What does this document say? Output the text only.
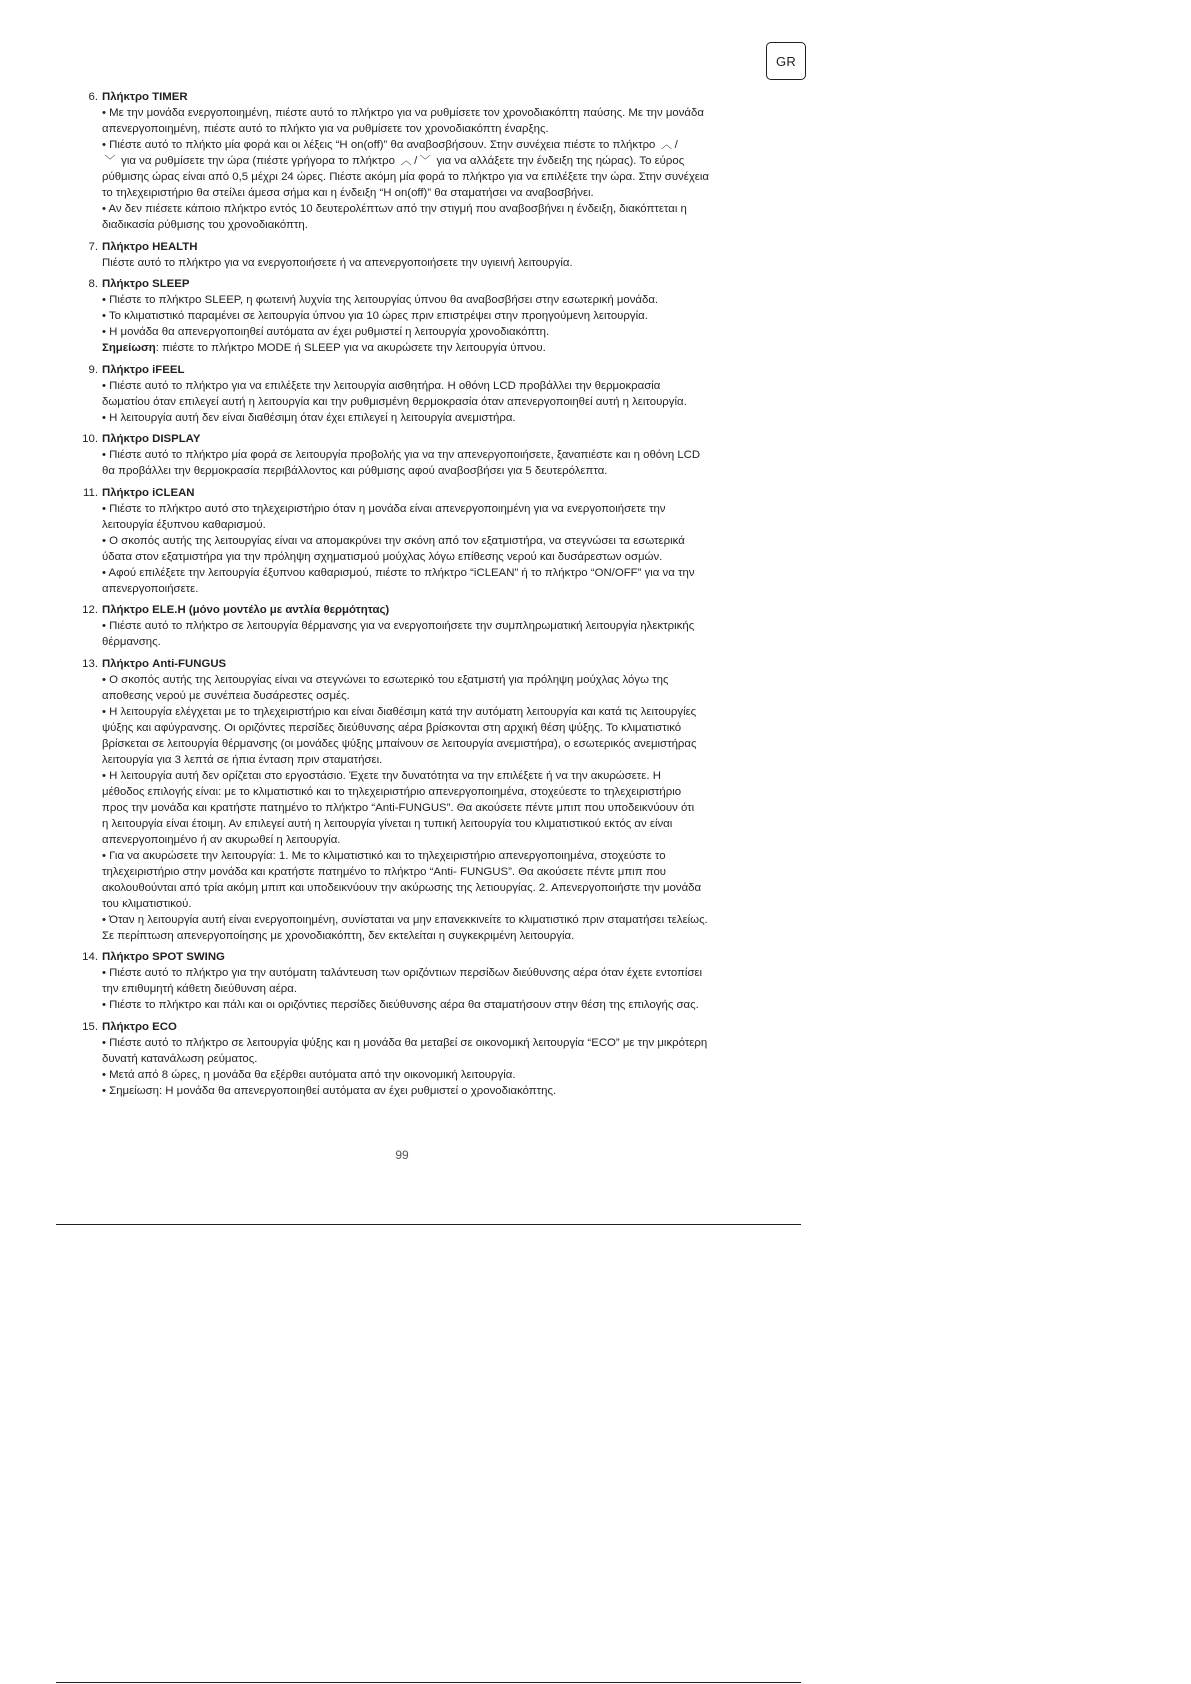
GR
6. Πλήκτρο TIMER
• Με την μονάδα ενεργοποιημένη, πιέστε αυτό το πλήκτρο για να ρυθμίσετε τον χρονοδιακόπτη παύσης. Με την μονάδα
απενεργοποιημένη, πιέστε αυτό το πλήκτο για να ρυθμίσετε τον χρονοδιακόπτη έναρξης.
• Πιέστε αυτό το πλήκτο μία φορά και οι λέξεις “H on(off)” θα αναβοσβήσουν. Στην συνέχεια πιέστε το πλήκτρο ︿ /
﹀ για να ρυθμίσετε την ώρα (πιέστε γρήγορα το πλήκτρο ︿ / ﹀ για να αλλάξετε την ένδειξη της ηώρας). Το εύρος
ρύθμισης ώρας είναι από 0,5 μέχρι 24 ώρες. Πιέστε ακόμη μία φορά το πλήκτρο για να επιλέξετε την ώρα. Στην συνέχεια
το τηλεχειριστήριο θα στείλει άμεσα σήμα και η ένδειξη “H on(off)” θα σταματήσει να αναβοσβήνει.
• Αν δεν πιέσετε κάποιο πλήκτρο εντός 10 δευτερολέπτων από την στιγμή που αναβοσβήνει η ένδειξη, διακόπτεται η
διαδικασία ρύθμισης του χρονοδιακόπτη.
7. Πλήκτρο HEALTH
Πιέστε αυτό το πλήκτρο για να ενεργοποιήσετε ή να απενεργοποιήσετε την υγιεινή λειτουργία.
8. Πλήκτρο SLEEP
• Πιέστε το πλήκτρο SLEEP, η φωτεινή λυχνία της λειτουργίας ύπνου θα αναβοσβήσει στην εσωτερική μονάδα.
• Το κλιματιστικό παραμένει σε λειτουργία ύπνου για 10 ώρες πριν επιστρέψει στην προηγούμενη λειτουργία.
• Η μονάδα θα απενεργοποιηθεί αυτόματα αν έχει ρυθμιστεί η λειτουργία χρονοδιακόπτη.
Σημείωση: πιέστε το πλήκτρο MODE ή SLEEP για να ακυρώσετε την λειτουργία ύπνου.
9. Πλήκτρο iFEEL
• Πιέστε αυτό το πλήκτρο για να επιλέξετε την λειτουργία αισθητήρα. Η οθόνη LCD προβάλλει την θερμοκρασία
δωματίου όταν επιλεγεί αυτή η λειτουργία και την ρυθμισμένη θερμοκρασία όταν απενεργοποιηθεί αυτή η λειτουργία.
• Η λειτουργία αυτή δεν είναι διαθέσιμη όταν έχει επιλεγεί η λειτουργία ανεμιστήρα.
10. Πλήκτρο DISPLAY
• Πιέστε αυτό το πλήκτρο μία φορά σε λειτουργία προβολής για να την απενεργοποιήσετε, ξαναπιέστε και η οθόνη LCD
θα προβάλλει την θερμοκρασία περιβάλλοντος και ρύθμισης αφού αναβοσβήσει για 5 δευτερόλεπτα.
11. Πλήκτρο iCLEAN
• Πιέστε το πλήκτρο αυτό στο τηλεχειριστήριο όταν η μονάδα είναι απενεργοποιημένη για να ενεργοποιήσετε την
λειτουργία έξυπνου καθαρισμού.
• Ο σκοπός αυτής της λειτουργίας είναι να απομακρύνει την σκόνη από τον εξατμιστήρα, να στεγνώσει τα εσωτερικά
ύδατα στον εξατμιστήρα για την πρόληψη σχηματισμού μούχλας λόγω επίθεσης νερού και δυσάρεστων οσμών.
• Αφού επιλέξετε την λειτουργία έξυπνου καθαρισμού, πιέστε το πλήκτρο “iCLEAN” ή το πλήκτρο “ON/OFF” για να την
απενεργοποιήσετε.
12. Πλήκτρο ELE.H (μόνο μοντέλο με αντλία θερμότητας)
• Πιέστε αυτό το πλήκτρο σε λειτουργία θέρμανσης για να ενεργοποιήσετε την συμπληρωματική λειτουργία ηλεκτρικής
θέρμανσης.
13. Πλήκτρο Anti-FUNGUS
• Ο σκοπός αυτής της λειτουργίας είναι να στεγνώνει το εσωτερικό του εξατμιστή για πρόληψη μούχλας λόγω της
αποθεσης νερού με συνέπεια δυσάρεστες οσμές.
• Η λειτουργία ελέγχεται με το τηλεχειριστήριο και είναι διαθέσιμη κατά την αυτόματη λειτουργία και κατά τις λειτουργίες
ψύξης και αφύγρανσης. Οι οριζόντες περσίδες διεύθυνσης αέρα βρίσκονται στη αρχική θέση ψύξης. Το κλιματιστικό
βρίσκεται σε λειτουργία θέρμανσης (οι μονάδες ψύξης μπαίνουν σε λειτουργία ανεμιστήρα), ο εσωτερικός ανεμιστήρας
λειτουργία για 3 λεπτά σε ήπια ένταση πριν σταματήσει.
• Η λειτουργία αυτή δεν ορίζεται στο εργοστάσιο. Έχετε την δυνατότητα να την επιλέξετε ή να την ακυρώσετε. Η
μέθοδος επιλογής είναι: με το κλιματιστικό και το τηλεχειριστήριο απενεργοποιημένα, στοχεύεστε το τηλεχειριστήριο
προς την μονάδα και κρατήστε πατημένο το πλήκτρο “Anti-FUNGUS”. Θα ακούσετε πέντε μπιπ που υποδεικνύουν ότι
η λειτουργία είναι έτοιμη. Αν επιλεγεί αυτή η λειτουργία γίνεται η τυπική λειτουργία του κλιματιστικού εκτός αν είναι
απενεργοποιημένο ή αν ακυρωθεί η λειτουργία.
• Για να ακυρώσετε την λειτουργία: 1. Με το κλιματιστικό και το τηλεχειριστήριο απενεργοποιημένα, στοχεύστε το
τηλεχειριστήριο στην μονάδα και κρατήστε πατημένο το πλήκτρο “Anti- FUNGUS”. Θα ακούσετε πέντε μπιπ που
ακολουθούνται από τρία ακόμη μπιπ και υποδεικνύουν την ακύρωσης της λετιουργίας. 2. Απενεργοποιήστε την μονάδα
του κλιματιστικού.
• Όταν η λειτουργία αυτή είναι ενεργοποιημένη, συνίσταται να μην επανεκκινείτε το κλιματιστικό πριν σταματήσει τελείως.
Σε περίπτωση απενεργοποίησης με χρονοδιακόπτη, δεν εκτελείται η συγκεκριμένη λειτουργία.
14. Πλήκτρο SPOT SWING
• Πιέστε αυτό το πλήκτρο για την αυτόματη ταλάντευση των οριζόντιων περσίδων διεύθυνσης αέρα όταν έχετε εντοπίσει
την επιθυμητή κάθετη διεύθυνση αέρα.
• Πιέστε το πλήκτρο και πάλι και οι οριζόντιες περσίδες διεύθυνσης αέρα θα σταματήσουν στην θέση της επιλογής σας.
15. Πλήκτρο ECO
• Πιέστε αυτό το πλήκτρο σε λειτουργία ψύξης και η μονάδα θα μεταβεί σε οικονομική λειτουργία “ECO” με την μικρότερη
δυνατή κατανάλωση ρεύματος.
• Μετά από 8 ώρες, η μονάδα θα εξέρθει αυτόματα από την οικονομική λειτουργία.
• Σημείωση: Η μονάδα θα απενεργοποιηθεί αυτόματα αν έχει ρυθμιστεί ο χρονοδιακόπτης.
99
